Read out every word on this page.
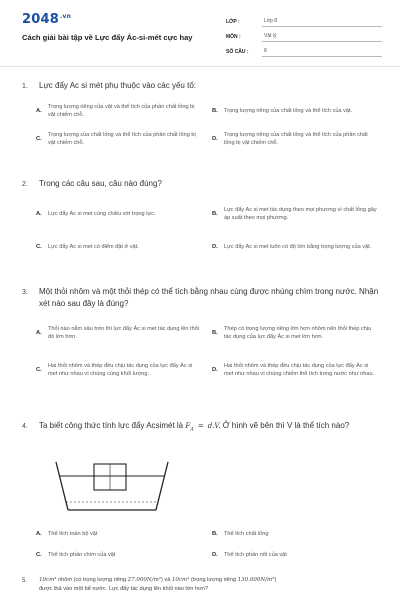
$2048^{.vn}$
Cách giải bài tập về Lực đẩy Ác-si-mét cực hay
LỚP :	Lớp 8
MÔN :	Vật lý
SỐ CÂU :	8
1.	Lực đẩy Ac si mét phụ thuộc vào các yếu tố:
A.
Trọng lượng riêng của vật và thể tích của phần chất lỏng bị vật chiếm chỗ.
B.	Trọng lượng riêng của chất lỏng và thể tích của vật.
C.
Trọng lượng của chất lỏng và thể tích của phần chất lỏng bị vật chiếm chỗ.
D.
Trọng lượng riêng của chất lỏng và thể tích của phần chất lỏng bị vật chiếm chỗ.
2.	Trong các câu sau, câu nào đúng?
A.	Lực đẩy Ac si met cùng chiều với trọng lực.	B.
Lực đẩy Ac si met tác dụng theo mọi phương vì chất lỏng gây áp suất theo mọi phương.
C.	Lực đẩy Ac si met có điểm đặt ở vật.	D.	Lực đẩy Ac si met luôn có độ lớn bằng trọng lượng của vật.
3.	Một thỏi nhôm và một thỏi thép có thể tích bằng nhau cùng được nhúng chìm trong nước. Nhận xét nào sau đây là đúng?
A.
Thỏi nào nằm sâu hơn thì lực đẩy Ác si met tác dụng lên thỏi đó lớn hơn.
B.
Thép có trọng lượng riêng lớn hơn nhôm nên thỏi thép chịu tác dụng của lực đẩy Ác si met lớn hơn.
C.
Hai thỏi nhôm và thép đều chịu tác dụng của lực đẩy Ác si met như nhau vì chúng cùng khối lượng.
D.
Hai thỏi nhôm và thép đều chịu tác dụng của lực đẩy Ác si met như nhau vì chúng chiếm thể tích trong nước như nhau.
4.	Ta biết công thức tính lực đẩy Acsimét là $F_A = d.V$. Ở hình vẽ bên thì V là thể tích nào?
A.	Thể tích toàn bộ vật	B.	Thể tích chất lỏng
C.	Thể tích phần chìm của vật	D.	Thể tích phần nổi của vật
5.	10cm³ nhôm (có trọng lượng riêng 27.000N/m³) và 10cm³ (trọng lượng riêng 130.000N/m³)
được thả vào một bể nước. Lực đẩy tác dụng lên khối nào lớn hơn?
